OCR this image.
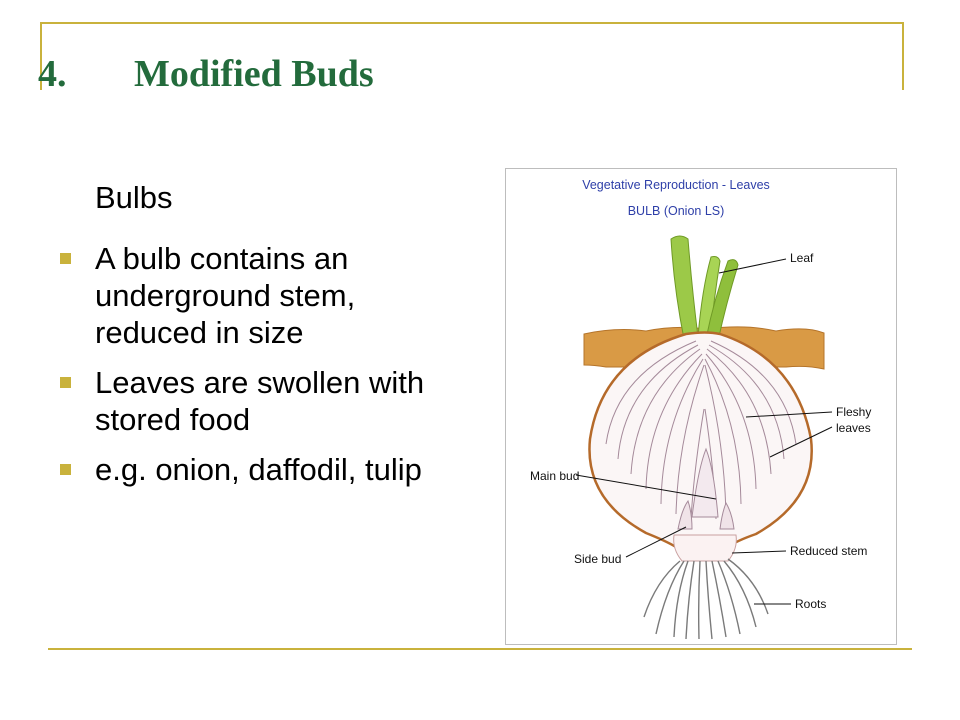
4. Modified Buds

Bulbs

A bulb contains an underground stem, reduced in size
Leaves are swollen with stored food
e.g. onion, daffodil, tulip
Vegetative Reproduction - Leaves
BULB (Onion LS)
Leaf
Fleshy
leaves
Main bud
Side bud
Reduced stem
Roots
